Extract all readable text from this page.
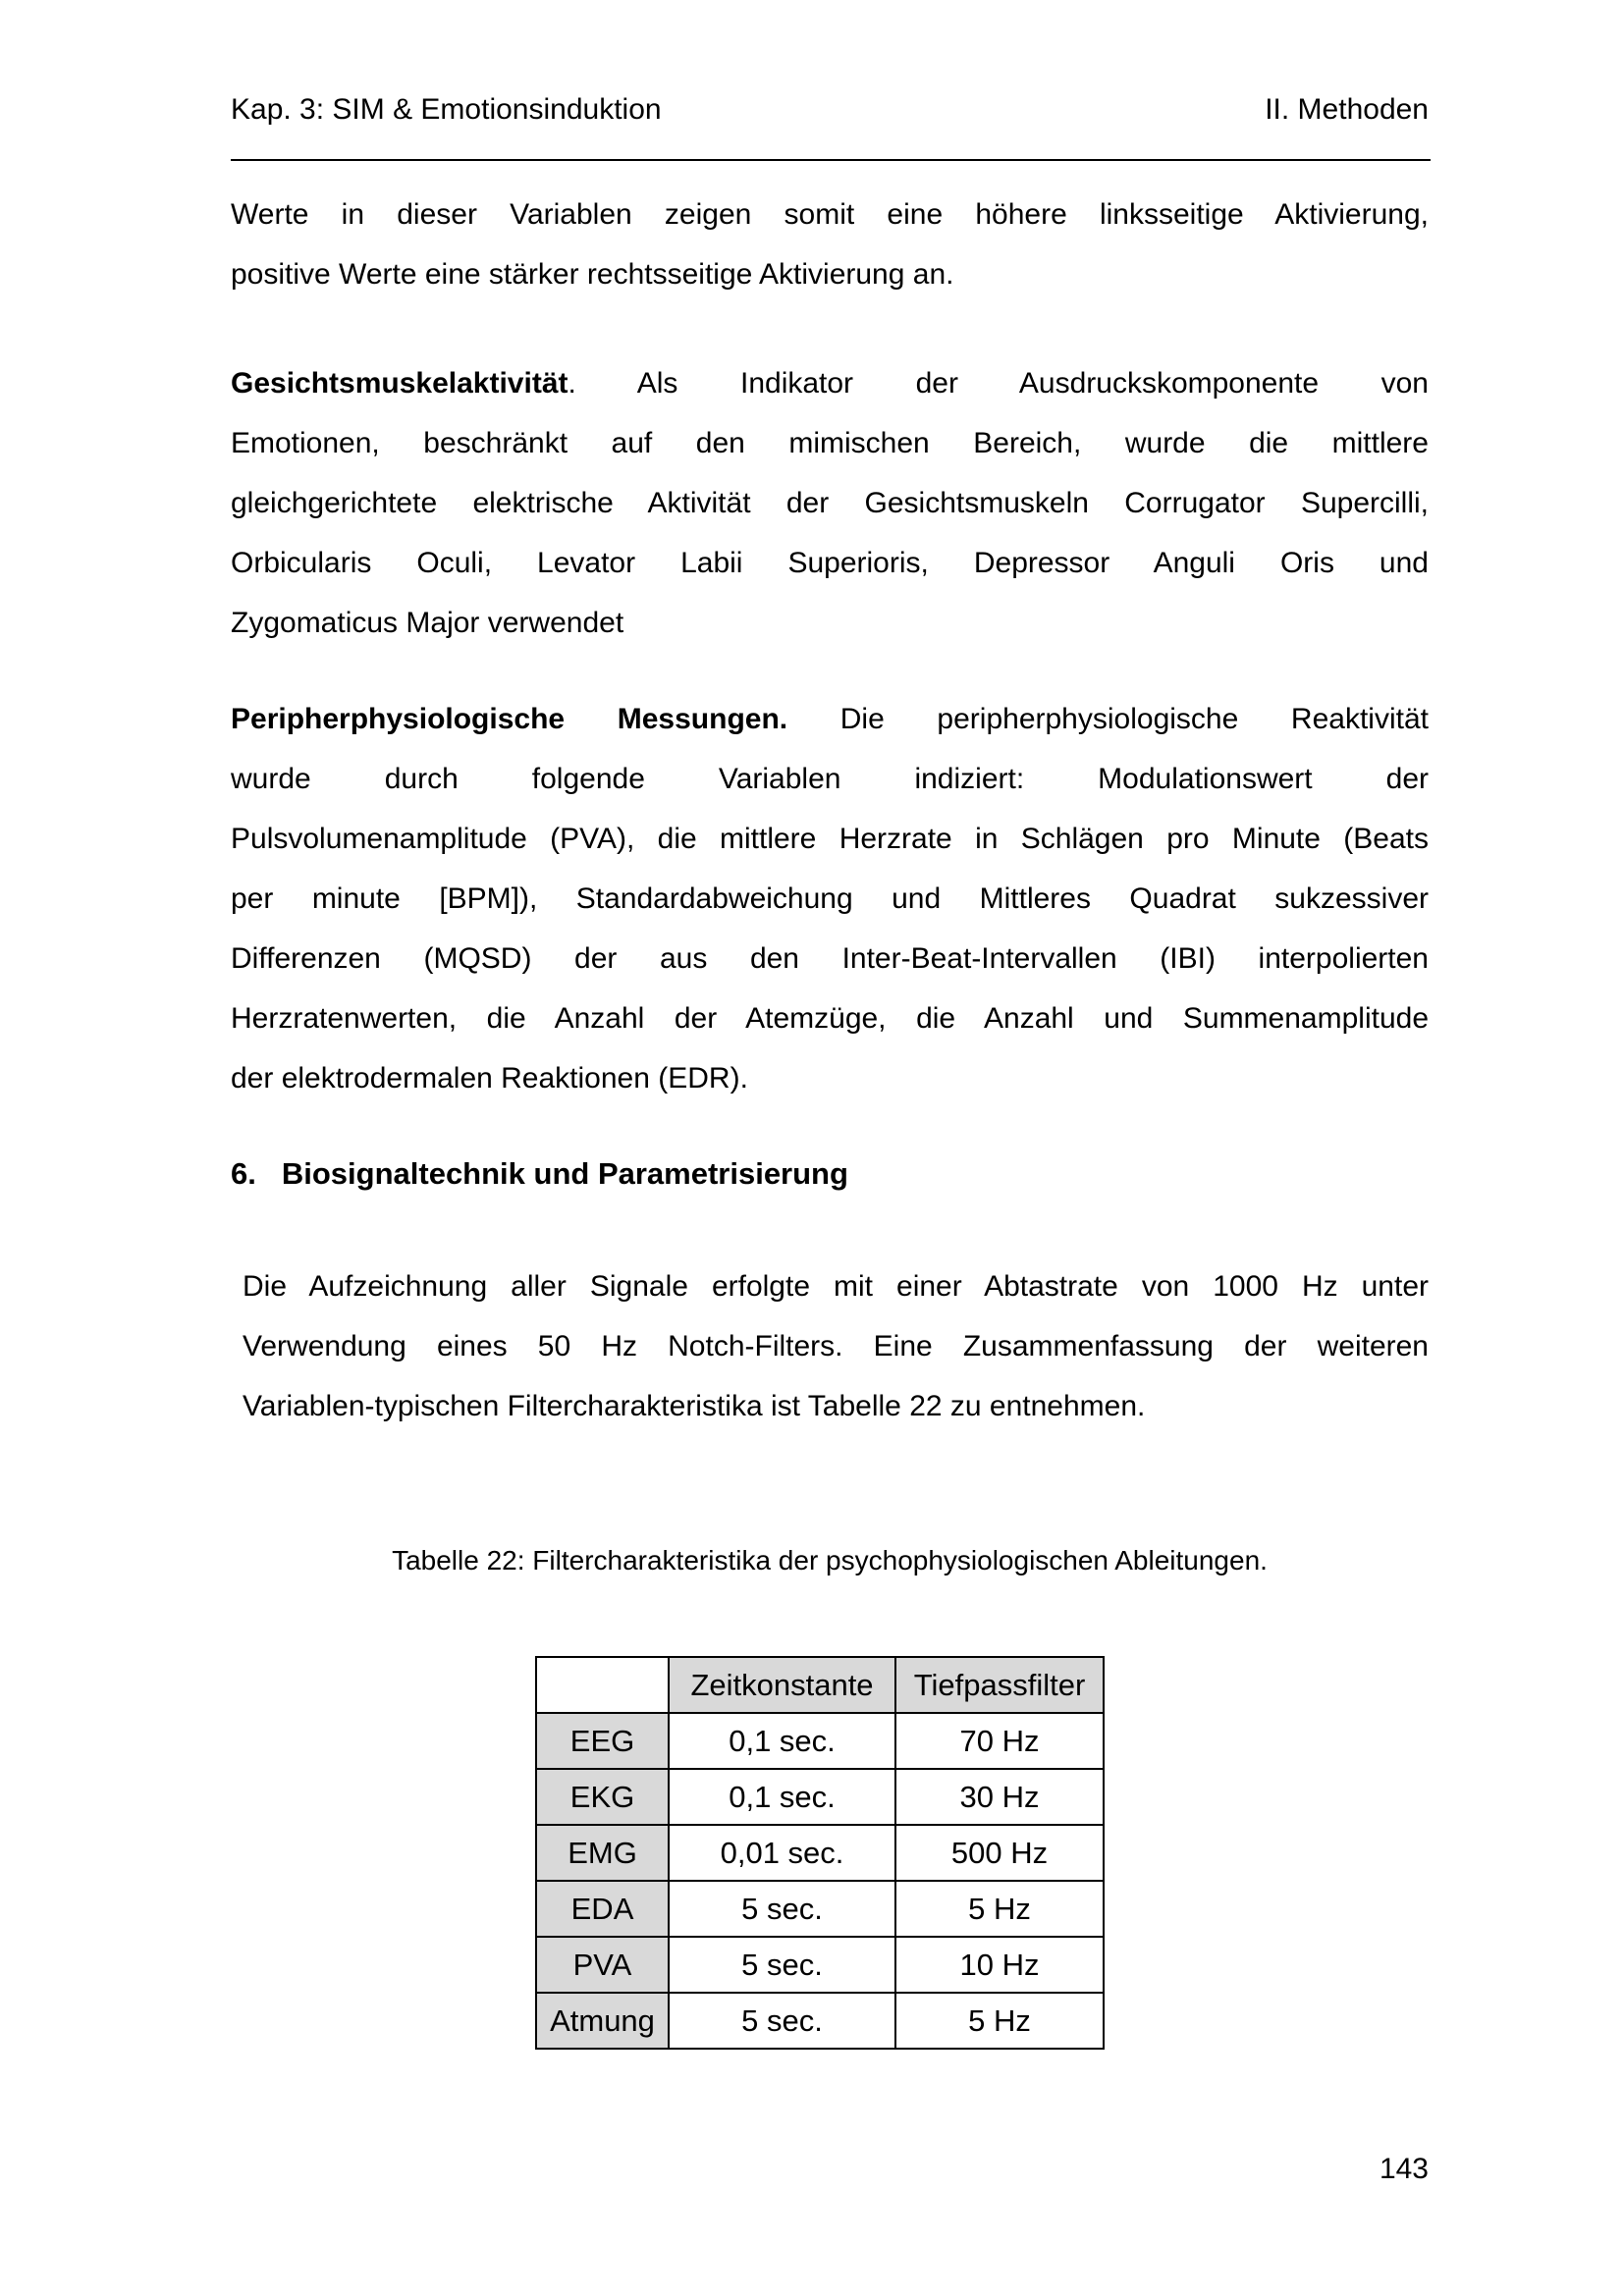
Kap. 3: SIM & Emotionsinduktion	II. Methoden
Werte in dieser Variablen zeigen somit eine höhere linksseitige Aktivierung,
positive Werte eine stärker rechtsseitige Aktivierung an.
Gesichtsmuskelaktivität. Als Indikator der Ausdruckskomponente von
Emotionen, beschränkt auf den mimischen Bereich, wurde die mittlere
gleichgerichtete elektrische Aktivität der Gesichtsmuskeln Corrugator Supercilli,
Orbicularis Oculi, Levator Labii Superioris, Depressor Anguli Oris und
Zygomaticus Major verwendet
Peripherphysiologische Messungen. Die peripherphysiologische Reaktivität
wurde durch folgende Variablen indiziert: Modulationswert der
Pulsvolumenamplitude (PVA), die mittlere Herzrate in Schlägen pro Minute (Beats
per minute [BPM]), Standardabweichung und Mittleres Quadrat sukzessiver
Differenzen (MQSD) der aus den Inter-Beat-Intervallen (IBI) interpolierten
Herzratenwerten, die Anzahl der Atemzüge, die Anzahl und Summenamplitude
der elektrodermalen Reaktionen (EDR).
6. Biosignaltechnik und Parametrisierung
Die Aufzeichnung aller Signale erfolgte mit einer Abtastrate von 1000 Hz unter
Verwendung eines 50 Hz Notch-Filters. Eine Zusammenfassung der weiteren
Variablen-typischen Filtercharakteristika ist Tabelle 22 zu entnehmen.
Tabelle 22: Filtercharakteristika der psychophysiologischen Ableitungen.
	Zeitkonstante	Tiefpassfilter
EEG	0,1 sec.	70 Hz
EKG	0,1 sec.	30 Hz
EMG	0,01 sec.	500 Hz
EDA	5 sec.	5 Hz
PVA	5 sec.	10 Hz
Atmung	5 sec.	5 Hz
143
